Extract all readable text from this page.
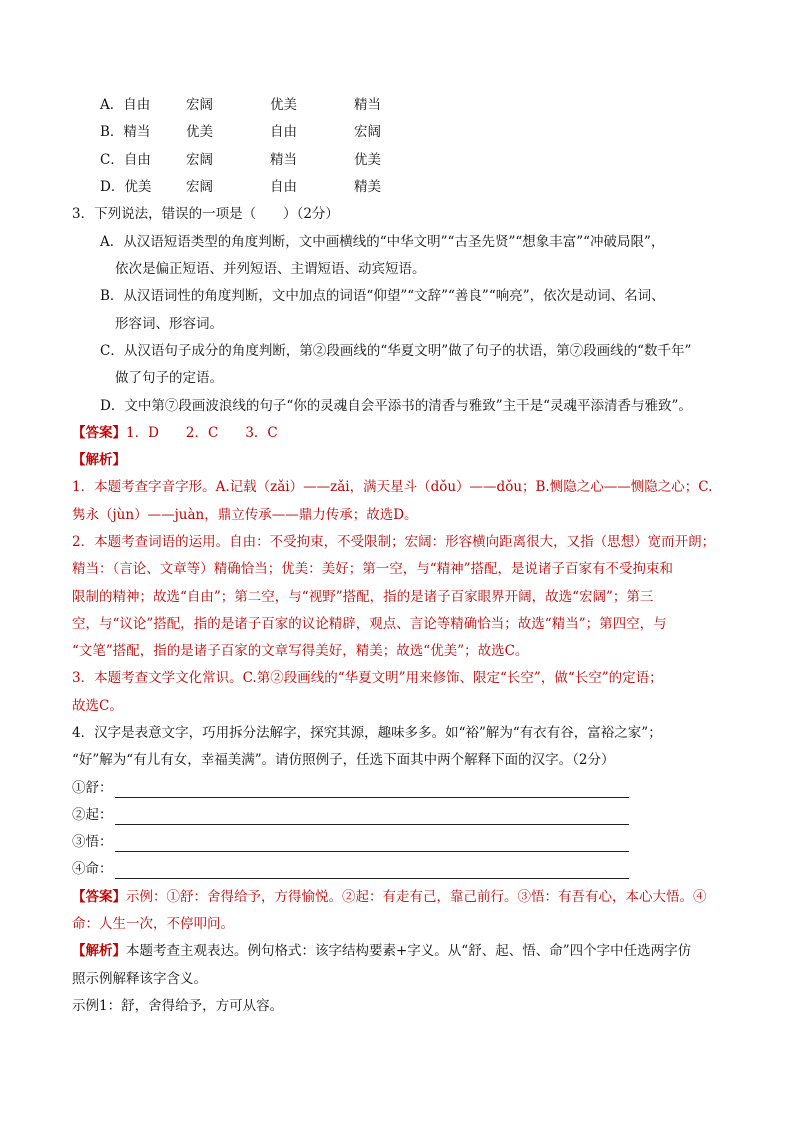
A．自由	宏阔	优美	精当
B．精当	优美	自由	宏阔
C．自由	宏阔	精当	优美
D．优美	宏阔	自由	精美
3．下列说法，错误的一项是（　　）（2分）
A．从汉语短语类型的角度判断，文中画横线的“中华文明”“古圣先贤”“想象丰富”“冲破局限”，
依次是偏正短语、并列短语、主谓短语、动宾短语。
B．从汉语词性的角度判断，文中加点的词语“仰望”“文辞”“善良”“响亮”，依次是动词、名词、
形容词、形容词。
C．从汉语句子成分的角度判断，第②段画线的“华夏文明”做了句子的状语，第⑦段画线的“数千年”
做了句子的定语。
D．文中第⑦段画波浪线的句子“你的灵魂自会平添书的清香与雅致”主干是“灵魂平添清香与雅致”。
【答案】1．D　　2．C　　3．C
【解析】
1．本题考查字音字形。A.记载（zǎi）——zǎi，满天星斗（dǒu）——dǒu；B.恻隐之心——恻隐之心；C.
隽永（jùn）——juàn，鼎立传承——鼎力传承；故选D。
2．本题考查词语的运用。自由：不受拘束，不受限制；宏阔：形容横向距离很大，又指（思想）宽而开朗；
精当：（言论、文章等）精确恰当；优美：美好；第一空，与“精神”搭配，是说诸子百家有不受拘束和
限制的精神；故选“自由”；第二空，与“视野”搭配，指的是诸子百家眼界开阔，故选“宏阔”；第三
空，与“议论”搭配，指的是诸子百家的议论精辟，观点、言论等精确恰当；故选“精当”；第四空，与
“文笔”搭配，指的是诸子百家的文章写得美好，精美；故选“优美”；故选C。
3．本题考查文学文化常识。C.第②段画线的“华夏文明”用来修饰、限定“长空”，做“长空”的定语；
故选C。
4．汉字是表意文字，巧用拆分法解字，探究其源，趣味多多。如“裕”解为“有衣有谷，富裕之家”；
“好”解为“有儿有女，幸福美满”。请仿照例子，任选下面其中两个解释下面的汉字。（2分）
①舒：
②起：
③悟：
④命：
【答案】示例：①舒：舍得给予，方得愉悦。②起：有走有己，靠己前行。③悟：有吾有心，本心大悟。④
命：人生一次，不停叩问。
【解析】本题考查主观表达。例句格式：该字结构要素+字义。从“舒、起、悟、命”四个字中任选两字仿
照示例解释该字含义。
示例1：舒，舍得给予，方可从容。
